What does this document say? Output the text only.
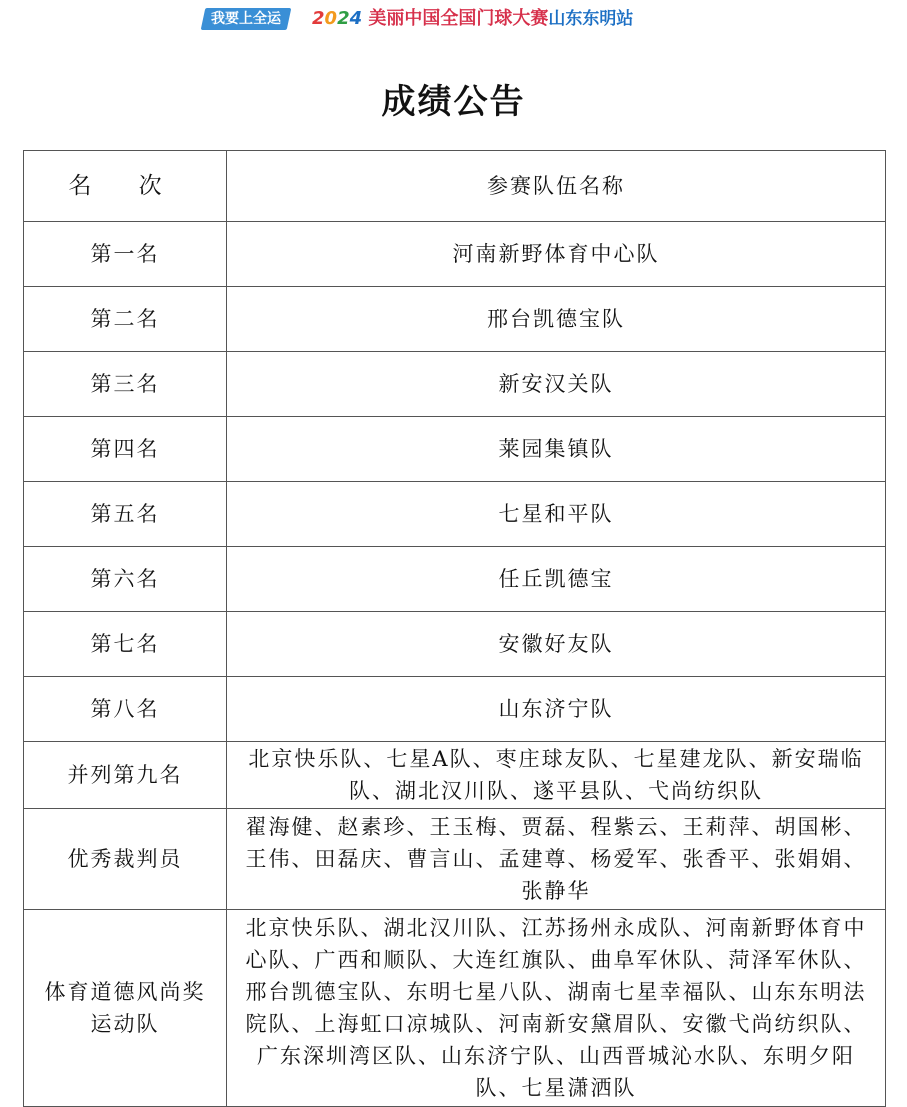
我要上全运	2024 美丽中国全国门球大赛山东东明站
成绩公告
名 次	参赛队伍名称
第一名	河南新野体育中心队
第二名	邢台凯德宝队
第三名	新安汉关队
第四名	莱园集镇队
第五名	七星和平队
第六名	任丘凯德宝
第七名	安徽好友队
第八名	山东济宁队
并列第九名	北京快乐队、七星A队、枣庄球友队、七星建龙队、新安瑞临队、湖北汉川队、遂平县队、弋尚纺织队
优秀裁判员	翟海健、赵素珍、王玉梅、贾磊、程紫云、王莉萍、胡国彬、王伟、田磊庆、曹言山、孟建尊、杨爱军、张香平、张娟娟、张静华
体育道德风尚奖
运动队	北京快乐队、湖北汉川队、江苏扬州永成队、河南新野体育中心队、广西和顺队、大连红旗队、曲阜军休队、菏泽军休队、邢台凯德宝队、东明七星八队、湖南七星幸福队、山东东明法院队、上海虹口凉城队、河南新安黛眉队、安徽弋尚纺织队、广东深圳湾区队、山东济宁队、山西晋城沁水队、东明夕阳队、七星潇洒队
